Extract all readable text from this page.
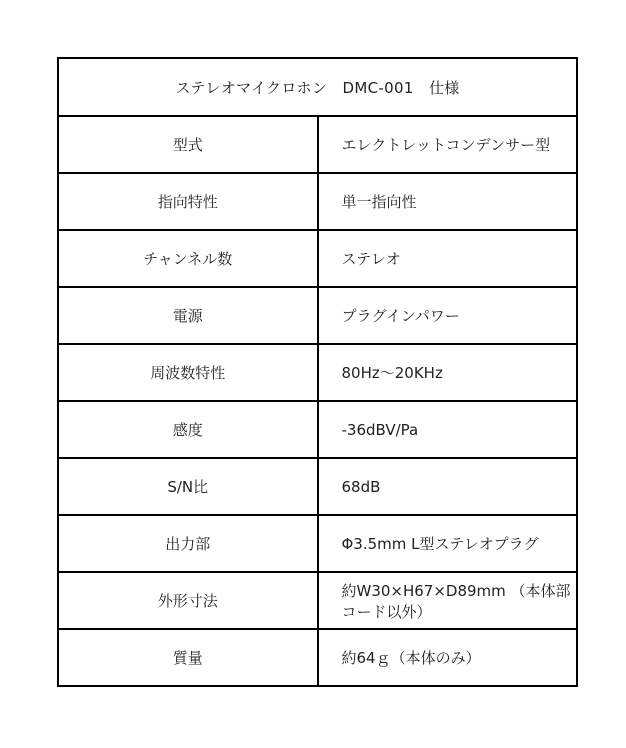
ステレオマイクロホン　DMC-001　仕様	
型式	エレクトレットコンデンサー型
指向特性	単一指向性
チャンネル数	ステレオ
電源	プラグインパワー
周波数特性	80Hz～20KHz
感度	-36dBV/Pa
S/N比	68dB
出力部	Φ3.5mm L型ステレオプラグ
外形寸法	約W30×H67×D89mm （本体部コード以外）
質量	約64ｇ（本体のみ）
